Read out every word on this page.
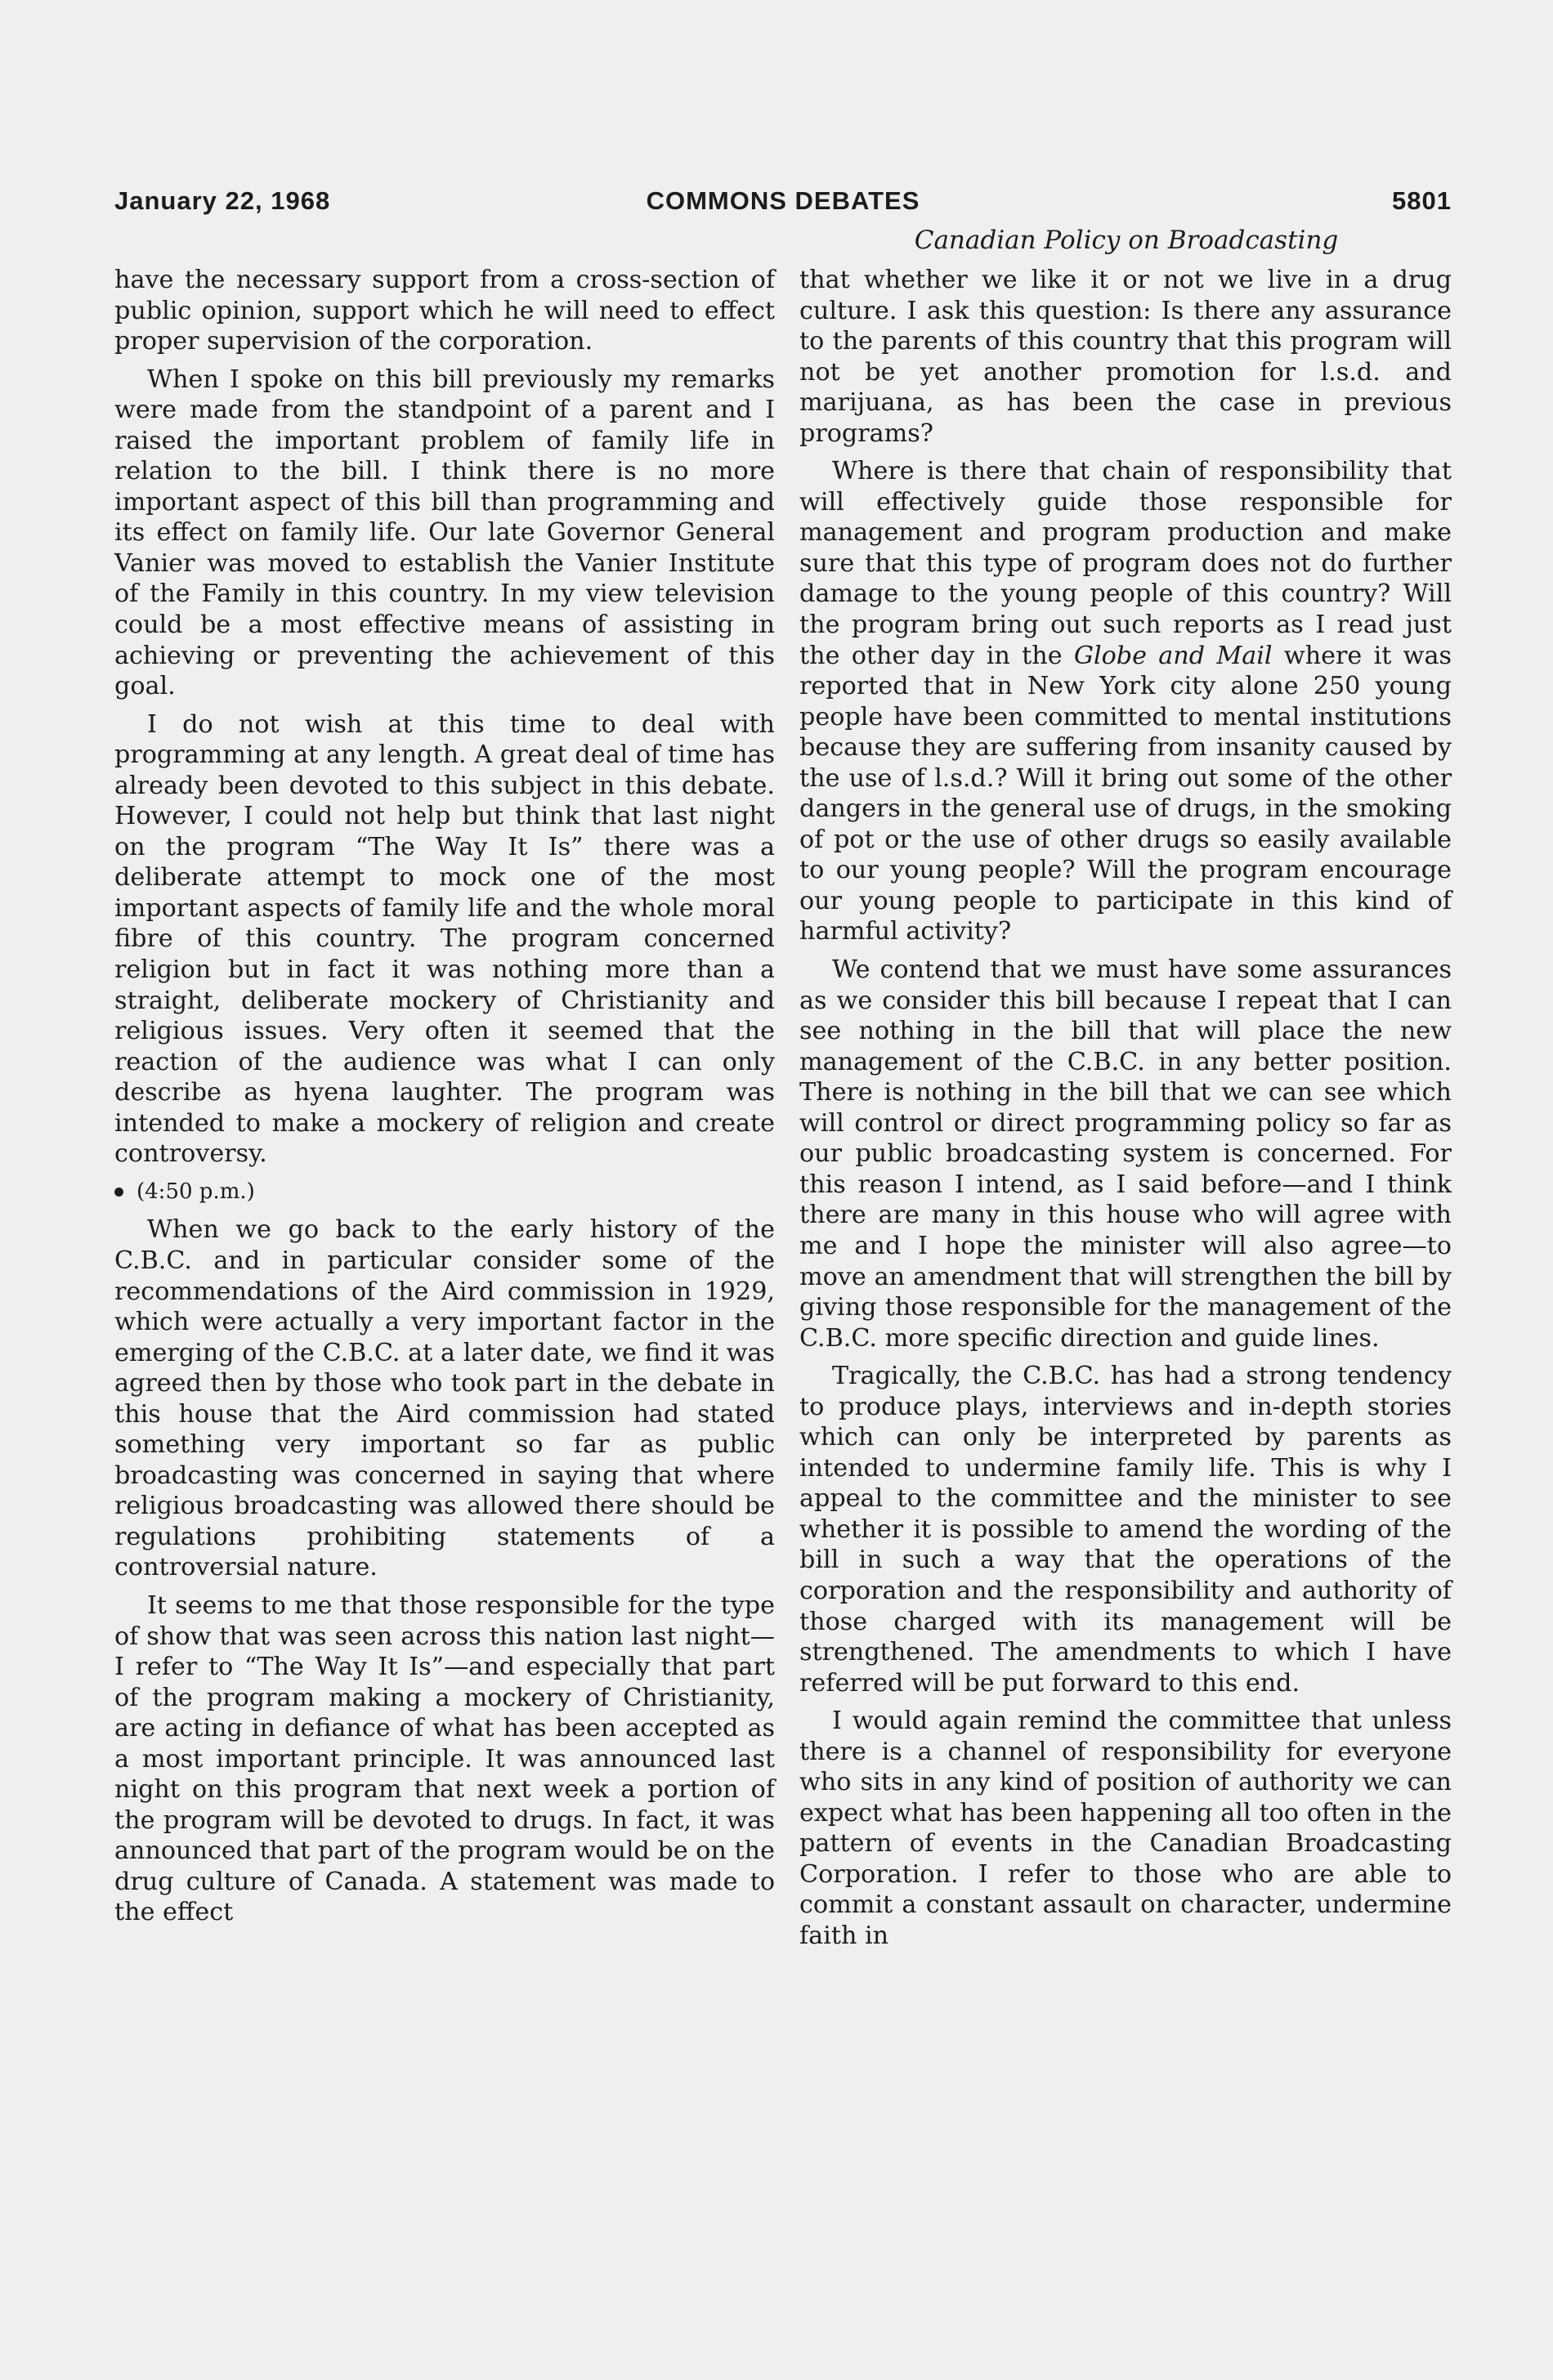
January 22, 1968	COMMONS DEBATES	5801
Canadian Policy on Broadcasting

have the necessary support from a cross-section of public opinion, support which he will need to effect proper supervision of the corporation.

When I spoke on this bill previously my remarks were made from the standpoint of a parent and I raised the important problem of family life in relation to the bill. I think there is no more important aspect of this bill than programming and its effect on family life. Our late Governor General Vanier was moved to establish the Vanier Institute of the Family in this country. In my view television could be a most effective means of assisting in achieving or preventing the achievement of this goal.

I do not wish at this time to deal with programming at any length. A great deal of time has already been devoted to this subject in this debate. However, I could not help but think that last night on the program “The Way It Is” there was a deliberate attempt to mock one of the most important aspects of family life and the whole moral fibre of this country. The program concerned religion but in fact it was nothing more than a straight, deliberate mockery of Christianity and religious issues. Very often it seemed that the reaction of the audience was what I can only describe as hyena laughter. The program was intended to make a mockery of religion and create controversy.

(4:50 p.m.)

When we go back to the early history of the C.B.C. and in particular consider some of the recommendations of the Aird commission in 1929, which were actually a very important factor in the emerging of the C.B.C. at a later date, we find it was agreed then by those who took part in the debate in this house that the Aird commission had stated something very important so far as public broadcasting was concerned in saying that where religious broadcasting was allowed there should be regulations prohibiting statements of a controversial nature.

It seems to me that those responsible for the type of show that was seen across this nation last night—I refer to “The Way It Is”—and especially that part of the program making a mockery of Christianity, are acting in defiance of what has been accepted as a most important principle. It was announced last night on this program that next week a portion of the program will be devoted to drugs. In fact, it was announced that part of the program would be on the drug culture of Canada. A statement was made to the effect

that whether we like it or not we live in a drug culture. I ask this question: Is there any assurance to the parents of this country that this program will not be yet another promotion for l.s.d. and marijuana, as has been the case in previous programs?

Where is there that chain of responsibility that will effectively guide those responsible for management and program production and make sure that this type of program does not do further damage to the young people of this country? Will the program bring out such reports as I read just the other day in the Globe and Mail where it was reported that in New York city alone 250 young people have been committed to mental institutions because they are suffering from insanity caused by the use of l.s.d.? Will it bring out some of the other dangers in the general use of drugs, in the smoking of pot or the use of other drugs so easily available to our young people? Will the program encourage our young people to participate in this kind of harmful activity?

We contend that we must have some assurances as we consider this bill because I repeat that I can see nothing in the bill that will place the new management of the C.B.C. in any better position. There is nothing in the bill that we can see which will control or direct programming policy so far as our public broadcasting system is concerned. For this reason I intend, as I said before—and I think there are many in this house who will agree with me and I hope the minister will also agree—to move an amendment that will strengthen the bill by giving those responsible for the management of the C.B.C. more specific direction and guide lines.

Tragically, the C.B.C. has had a strong tendency to produce plays, interviews and in-depth stories which can only be interpreted by parents as intended to undermine family life. This is why I appeal to the committee and the minister to see whether it is possible to amend the wording of the bill in such a way that the operations of the corporation and the responsibility and authority of those charged with its management will be strengthened. The amendments to which I have referred will be put forward to this end.

I would again remind the committee that unless there is a channel of responsibility for everyone who sits in any kind of position of authority we can expect what has been happening all too often in the pattern of events in the Canadian Broadcasting Corporation. I refer to those who are able to commit a constant assault on character, undermine faith in
